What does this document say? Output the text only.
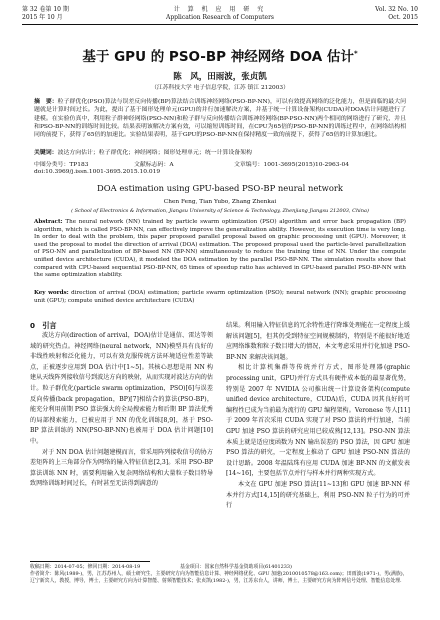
第 32 卷第 10 期
2015 年 10 月
计 算 机 应 用 研 究
Application Research of Computers
Vol. 32 No. 10
Oct. 2015
基于 GPU 的 PSO-BP 神经网络 DOA 估计*
陈　风，田雨波，张贞凯
（江苏科技大学 电子信息学院，江苏 镇江 212003）
摘　要：粒子群优化(PSO)算法与误差反向传播(BP)算法结合训练神经网络(PSO-BP-NN)，可以有效提高网络的泛化能力，但是面临的最大问题就是计算时间过长。为此，提出了基于图形处理单元(GPU)的并行加速解决方案，并基于统一计算设备架构(CUDA)对DOA估计问题进行了建模。在实验仿真中，利用粒子群神经网络(PSO-NN)和粒子群与反向传播结合训练神经网络(BP-PSO-NN)两个相同的网络进行了研究，并且和PSO-BP-NN的训练时间比较。结果表明该解决方案有效，可以缩短训练时间，在CPU为65倍的PSO-BP-NN的训练过程中，在网络结构相同的前提下，获得了65倍的加速比。实验结果表明，基于GPU的PSO-BP-NN在保持精度一致的前提下，获得了65倍的计算加速比。
关键词：波达方向估计；粒子群优化；神经网络；图形处理单元；统一计算设备架构
中图分类号：TP183	文献标志码：A	文章编号：1001-3695(2015)10-2963-04
doi:10.3969/j.issn.1001-3695.2015.10.019
DOA estimation using GPU-based PSO-BP neural network
Chen Feng, Tian Yubo, Zhang Zhenkai
( School of Electronics & Information, Jiangsu University of Science & Technology, Zhenjiang Jiangsu 212003, China)
Abstract: The neural network (NN) trained by particle swarm optimization (PSO) algorithm and error back propagation (BP) algorithm, which is called PSO-BP-NN, can effectively improve the generalization ability. However, its execution time is very long. In order to deal with the problem, this paper proposed parallel proposal based on graphic processing unit (GPU). Moreover, it used the proposal to model the direction of arrival (DOA) estimation. The proposed proposal used the particle-level parallelization of PSO-NN and parallelization of BP-based NN (BP-NN) simultaneously to reduce the training time of NN. Under the compute unified device architecture (CUDA), it modeled the DOA estimation by the parallel PSO-BP-NN. The simulation results show that compared with CPU-based sequential PSO-BP-NN, 65 times of speedup ratio has achieved in GPU-based parallel PSO-BP-NN with the same optimization stability.
Key words: direction of arrival (DOA) estimation; particle swarm optimization (PSO); neural network (NN); graphic processing unit (GPU); compute unified device architecture (CUDA)
0　引言

波达方向(direction of arrival，DOA)估计是通信、雷达等领域的研究热点。神经网络(neural network，NN)模型具有良好的非线性映射和泛化能力，可以有效克服传统方法环境适应性差等缺点，正被逐步应用到 DOA 估计中[1~5]。其核心思想是用 NN 构建从天线阵列接收信号到波达方向的映射，从而实现对波达方向的估计。粒子群优化(particle swarm optimization，PSO)[6]与误差反向传播(back propagation，BP)[7]相结合的算法(PSO-BP)，能充分利用前期 PSO 算法强大的全局搜索能力和后期 BP 算法优秀的局部搜索能力，已被应用于 NN 的优化训练[8,9]，基于 PSO-BP 算法训练的 NN(PSO-BP-NN)也被用于 DOA 估计问题[10]中。

对于 NN DOA 估计问题建模而言，常采用阵列接收信号的协方差矩阵的上三角部分作为网络的输入特征信息[2,3]。采用 PSO-BP 算法训练 NN 时，需要利用输入复杂网络结构和大量粒子数目特导致网络训练时间过长，有时甚至无法得到满意的

结果。利用输入特征信息的冗余特性进行降维处理能在一定程度上缓解该问题[5]，但其仍受到特征空间规模制约，特别是不能很好地适应网络维数和粒子数目增大的情况，本文考虑采用并行化加速 PSO-BP-NN 来解决该问题。

相比计算机集群等传统并行方式，图形处理器(graphic processing unit，GPU)并行方式具有硬件成本低的最显著优势，特别是 2007 年 NVIDIA 公司推出统一计算设备架构(compute unified device architecture，CUDA)后，CUDA 因其良好的可编程性已成为当前最为流行的 GPU 编程架构。Veronese 等人[11]于 2009 年首次采用 CUDA 实现了对 PSO 算法的并行加速，当前 GPU 加速 PSO 算法的研究应用已较成熟[12,13]。PSO-NN 算法本质上就是适应度函数为 NN 输出误差的 PSO 算法，因 GPU 加速 PSO 算法的研究，一定程度上推动了 GPU 加速 PSO-NN 算法的设计思路。2008 年温陆珠有应用 CUDA 加速 BP-NN 的文献发表[14~16]，主要包括节点并行与样本并行两种实现方式。

本文在 GPU 加速 PSO 算法[11~13]和 GPU 加速 BP-NN 样本并行方式[14,15]的研究基础上，利用 PSO-NN 粒子行为的可并行

收稿日期：2014-07-05；修回日期：2014-08-19	基金项目：国家自然科学基金资助项目(61401233)
作者简介：陈风(1989-)，男，江苏苏州人，硕士研究生，主要研究方向为智能信息计算、神经网络优化、GPU 加速(2010010578@163.com)；田雨波(1971-)，男(满族)，辽宁新宾人，教授，博导，博士，主要研究方向为计算智能、射频智能技术；张贞凯(1982-)，男，江苏东台人，讲师，博士，主要研究方向为阵列信号处理、智能信息处理.
